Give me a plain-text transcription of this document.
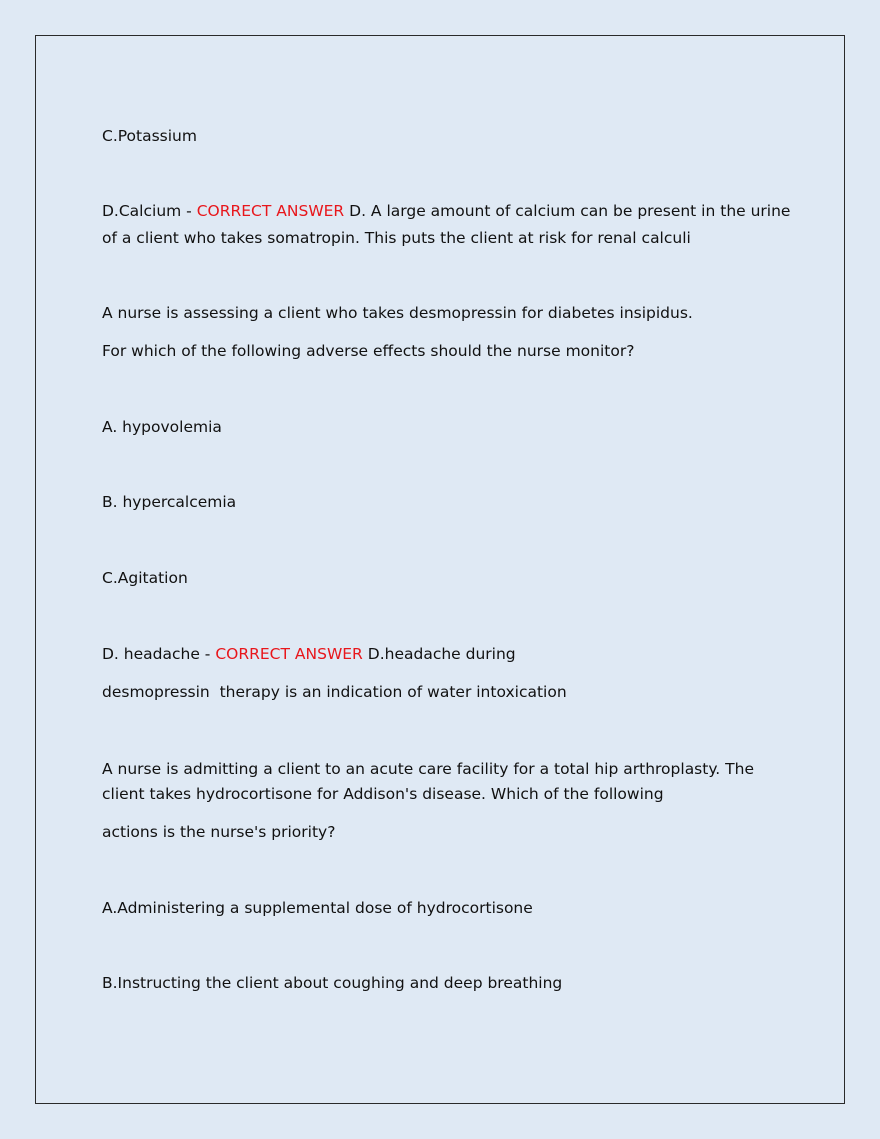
C.Potassium

D.Calcium - CORRECT ANSWER D. A large amount of calcium can be present in the urine

of a client who takes somatropin. This puts the client at risk for renal calculi

A nurse is assessing a client who takes desmopressin for diabetes insipidus.

For which of the following adverse effects should the nurse monitor?

A. hypovolemia

B. hypercalcemia

C.Agitation

D. headache - CORRECT ANSWER D.headache during

desmopressin  therapy is an indication of water intoxication

A nurse is admitting a client to an acute care facility for a total hip arthroplasty. The

client takes hydrocortisone for Addison's disease. Which of the following

actions is the nurse's priority?

A.Administering a supplemental dose of hydrocortisone

B.Instructing the client about coughing and deep breathing
